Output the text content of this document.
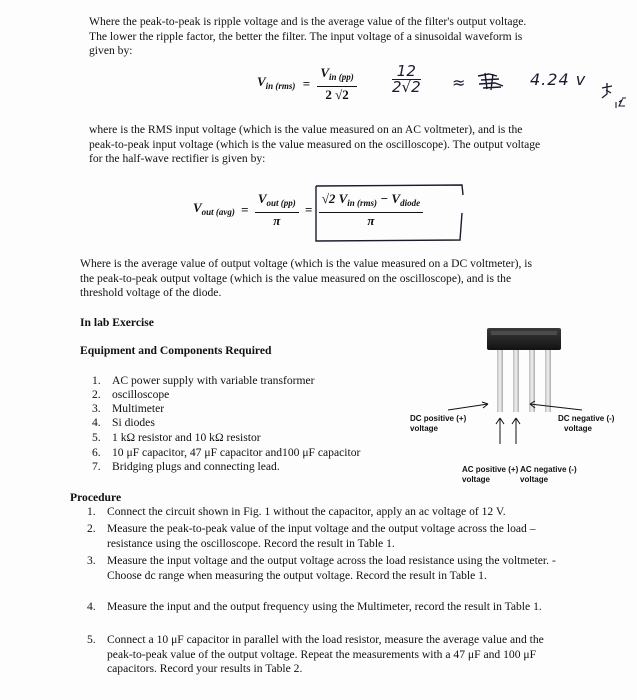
Where the peak-to-peak is ripple voltage and is the average value of the filter's output voltage.
The lower the ripple factor, the better the filter. The input voltage of a sinusoidal waveform is
given by:
$V_{in (rms)} = \frac{V_{in (pp)}}{2 √2} \frac{12}{2√2}$ ≈	4.24 v
where is the RMS input voltage (which is the value measured on an AC voltmeter), and is the
peak-to-peak input voltage (which is the value measured on the oscilloscope). The output voltage
for the half-wave rectifier is given by:
$V_{out (avg)} = \frac{V_{out (pp)}}{\pi} = \frac{√2 V_{in (rms)} - V_{diode}}{\pi}$
Where is the average value of output voltage (which is the value measured on a DC voltmeter), is
the peak-to-peak output voltage (which is the value measured on the oscilloscope), and is the
threshold voltage of the diode.
In lab Exercise
Equipment and Components Required
1. AC power supply with variable transformer
2. oscilloscope
3. Multimeter
4. Si diodes
5. 1 kΩ resistor and 10 kΩ resistor
6. 10 μF capacitor, 47 μF capacitor and100 μF capacitor
7. Bridging plugs and connecting lead.
DC positive (+)
voltage
DC negative (-)
voltage
AC positive (+) AC negative (-)
voltage	voltage
Procedure
1. Connect the circuit shown in Fig. 1 without the capacitor, apply an ac voltage of 12 V.
2. Measure the peak-to-peak value of the input voltage and the output voltage across the load – resistance using the oscilloscope. Record the result in Table 1.
3. Measure the input voltage and the output voltage across the load resistance using the voltmeter. -Choose dc range when measuring the output voltage. Record the result in Table 1.
4. Measure the input and the output frequency using the Multimeter, record the result in Table 1.
5. Connect a 10 μF capacitor in parallel with the load resistor, measure the average value and the peak-to-peak value of the output voltage. Repeat the measurements with a 47 μF and 100 μF capacitors. Record your results in Table 2.
